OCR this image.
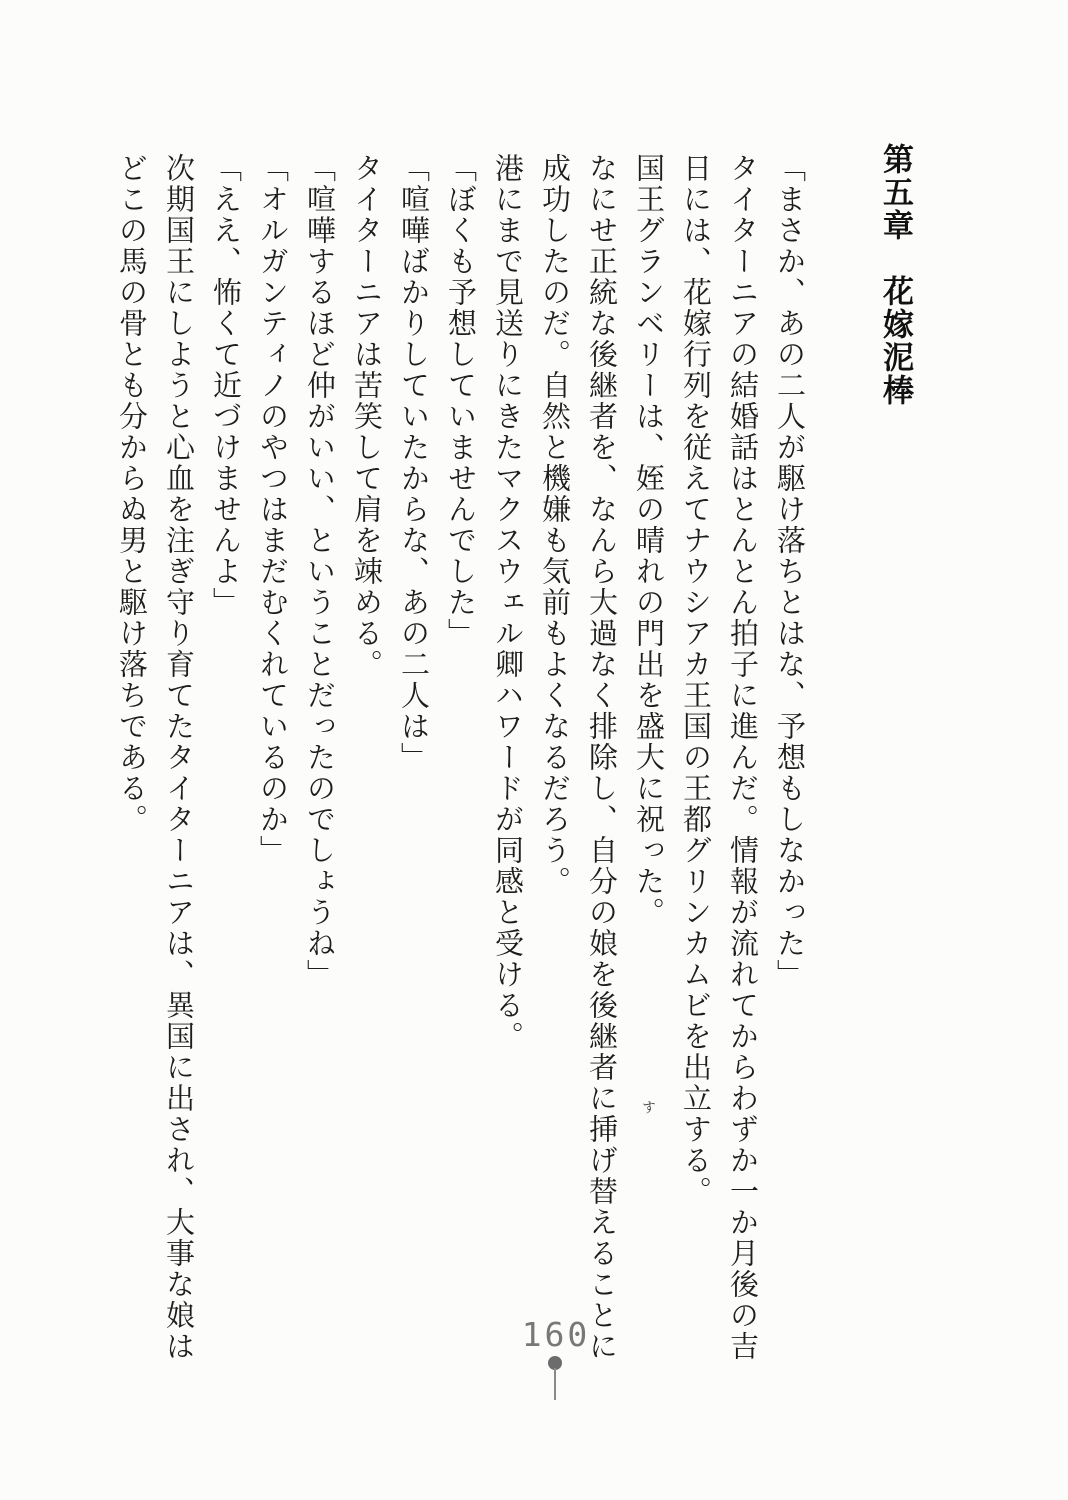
第五章　花嫁泥棒

「まさか、あの二人が駆け落ちとはな、予想もしなかった」

タイターニアの結婚話はとんとん拍子に進んだ。情報が流れてからわずか一か月後の吉

日には、花嫁行列を従えてナウシアカ王国の王都グリンカムビを出立する。

国王グランベリーは、姪の晴れの門出を盛大に祝った。

なにせ正統な後継者を、なんら大過なく排除し、自分の娘を後継者に挿げ替えることに

成功したのだ。自然と機嫌も気前もよくなるだろう。

港にまで見送りにきたマクスウェル卿ハワードが同感と受ける。

「ぼくも予想していませんでした」

「喧嘩ばかりしていたからな、あの二人は」

タイターニアは苦笑して肩を竦める。

「喧嘩するほど仲がいい、ということだったのでしょうね」

「オルガンティノのやつはまだむくれているのか」

「ええ、怖くて近づけませんよ」

次期国王にしようと心血を注ぎ守り育てたタイターニアは、異国に出され、大事な娘は

どこの馬の骨とも分からぬ男と駆け落ちである。

す
160
